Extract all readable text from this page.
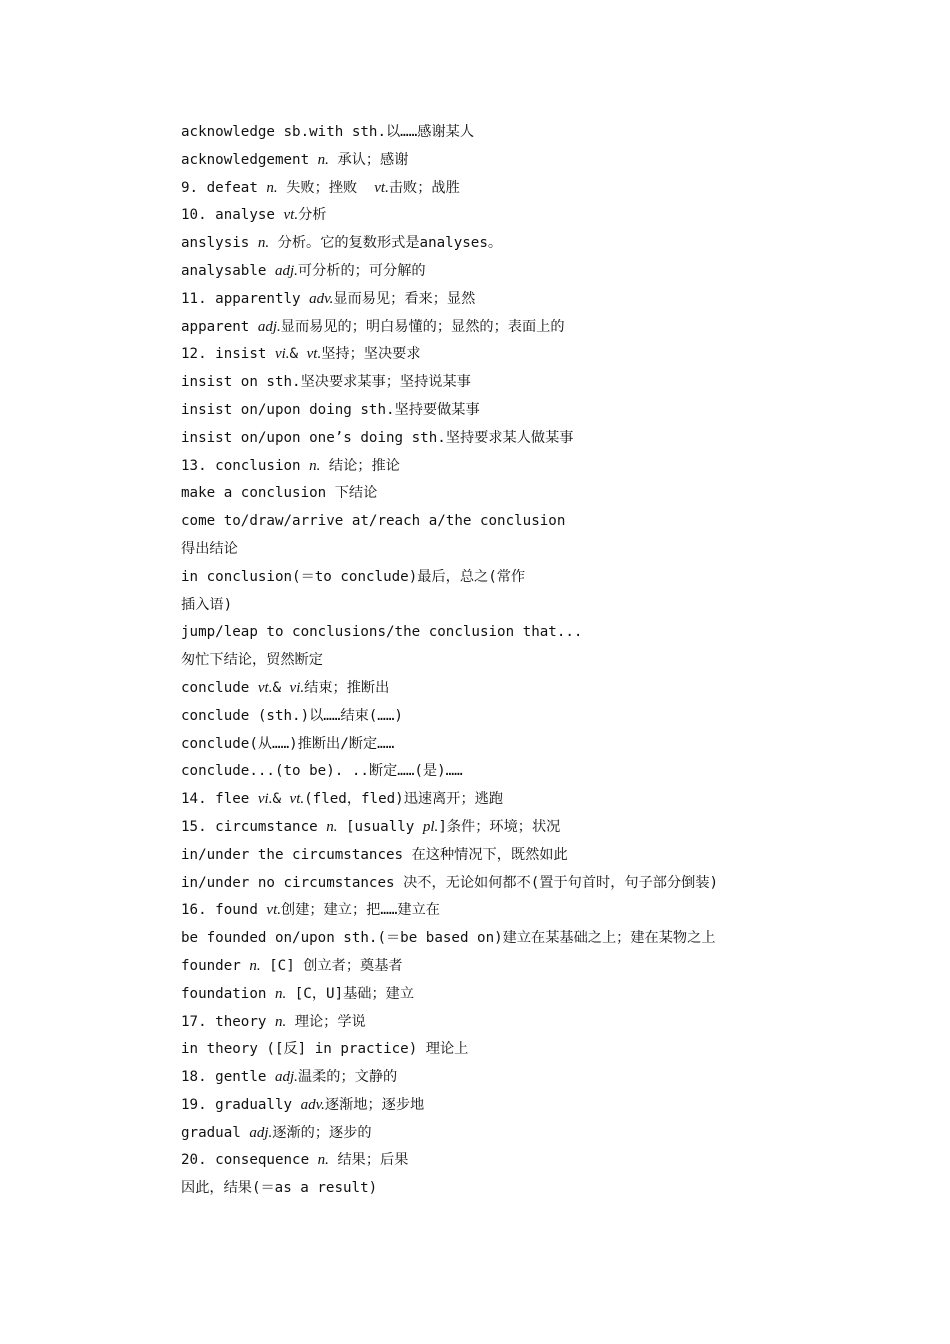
acknowledge sb.with sth.以……感谢某人
acknowledgement n. 承认；感谢
9. defeat n. 失败；挫败  vt.击败；战胜
10. analyse vt.分析
anslysis n. 分析。它的复数形式是analyses。
analysable adj.可分析的；可分解的
11. apparently adv.显而易见；看来；显然
apparent adj.显而易见的；明白易懂的；显然的；表面上的
12. insist vi.& vt.坚持；坚决要求
insist on sth.坚决要求某事；坚持说某事
insist on/upon doing sth.坚持要做某事
insist on/upon one’s doing sth.坚持要求某人做某事
13. conclusion n. 结论；推论
make a conclusion 下结论
come to/draw/arrive at/reach a/the conclusion
得出结论
in conclusion(＝to conclude)最后，总之(常作
插入语)
jump/leap to conclusions/the conclusion that...
匆忙下结论，贸然断定
conclude vt.& vi.结束；推断出
conclude (sth.)以……结束(……)
conclude(从……)推断出/断定……
conclude...(to be). ..断定……(是)……
14. flee vi.& vt.(fled，fled)迅速离开；逃跑
15. circumstance n. [usually pl.]条件；环境；状况
in/under the circumstances 在这种情况下，既然如此
in/under no circumstances 决不，无论如何都不(置于句首时，句子部分倒装)
16. found vt.创建；建立；把……建立在
be founded on/upon sth.(＝be based on)建立在某基础之上；建在某物之上
founder n. [C] 创立者；奠基者
foundation n. [C，U]基础；建立
17. theory n. 理论；学说
in theory ([反] in practice) 理论上
18. gentle adj.温柔的；文静的
19. gradually adv.逐渐地；逐步地
gradual adj.逐渐的；逐步的
20. consequence n. 结果；后果
因此，结果(＝as a result)
